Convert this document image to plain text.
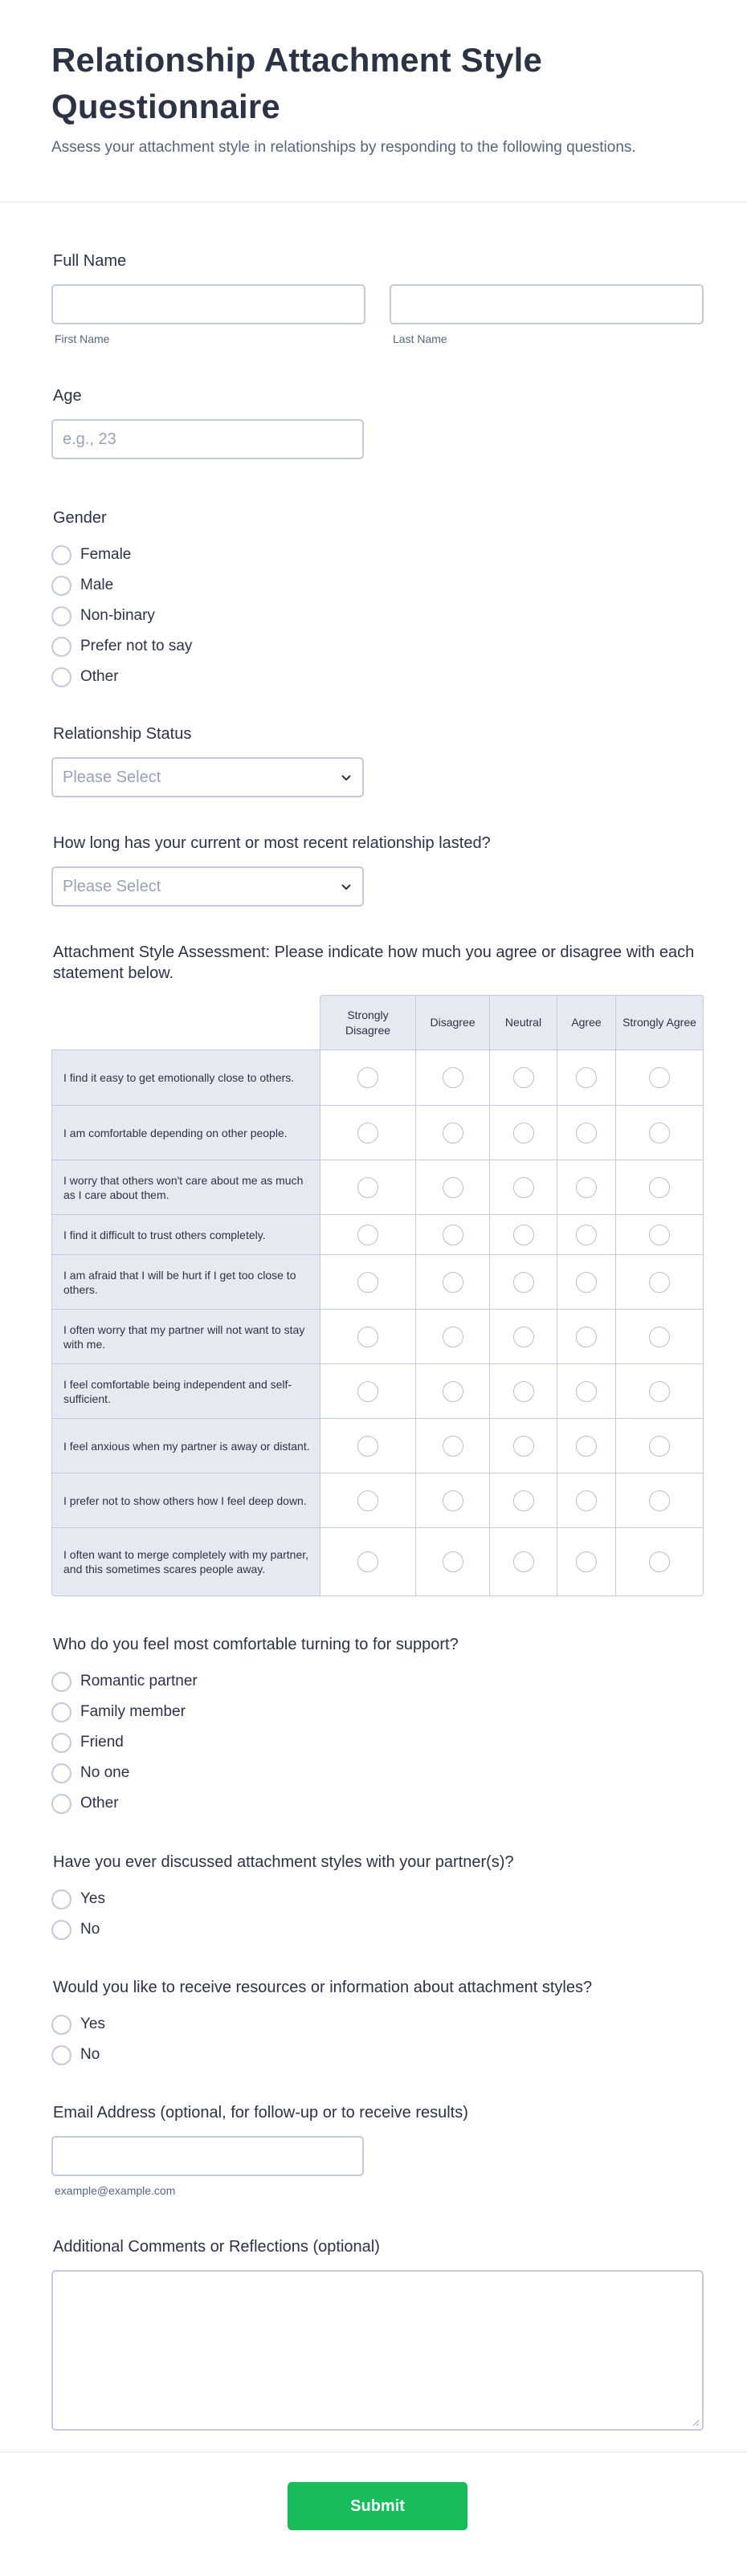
Relationship Attachment Style Questionnaire

Assess your attachment style in relationships by responding to the following questions.

Full Name
First Name	Last Name
Age
e.g., 23
Gender
Female
Male
Non-binary
Prefer not to say
Other
Relationship Status
Please Select
How long has your current or most recent relationship lasted?
Please Select
Attachment Style Assessment: Please indicate how much you agree or disagree with each statement below.
	Strongly Disagree	Disagree	Neutral	Agree	Strongly Agree
I find it easy to get emotionally close to others.					
I am comfortable depending on other people.					
I worry that others won't care about me as much as I care about them.					
I find it difficult to trust others completely.					
I am afraid that I will be hurt if I get too close to others.					
I often worry that my partner will not want to stay with me.					
I feel comfortable being independent and self-sufficient.					
I feel anxious when my partner is away or distant.					
I prefer not to show others how I feel deep down.					
I often want to merge completely with my partner, and this sometimes scares people away.					
Who do you feel most comfortable turning to for support?
Romantic partner
Family member
Friend
No one
Other
Have you ever discussed attachment styles with your partner(s)?
Yes
No
Would you like to receive resources or information about attachment styles?
Yes
No
Email Address (optional, for follow-up or to receive results)
example@example.com
Additional Comments or Reflections (optional)
Submit
